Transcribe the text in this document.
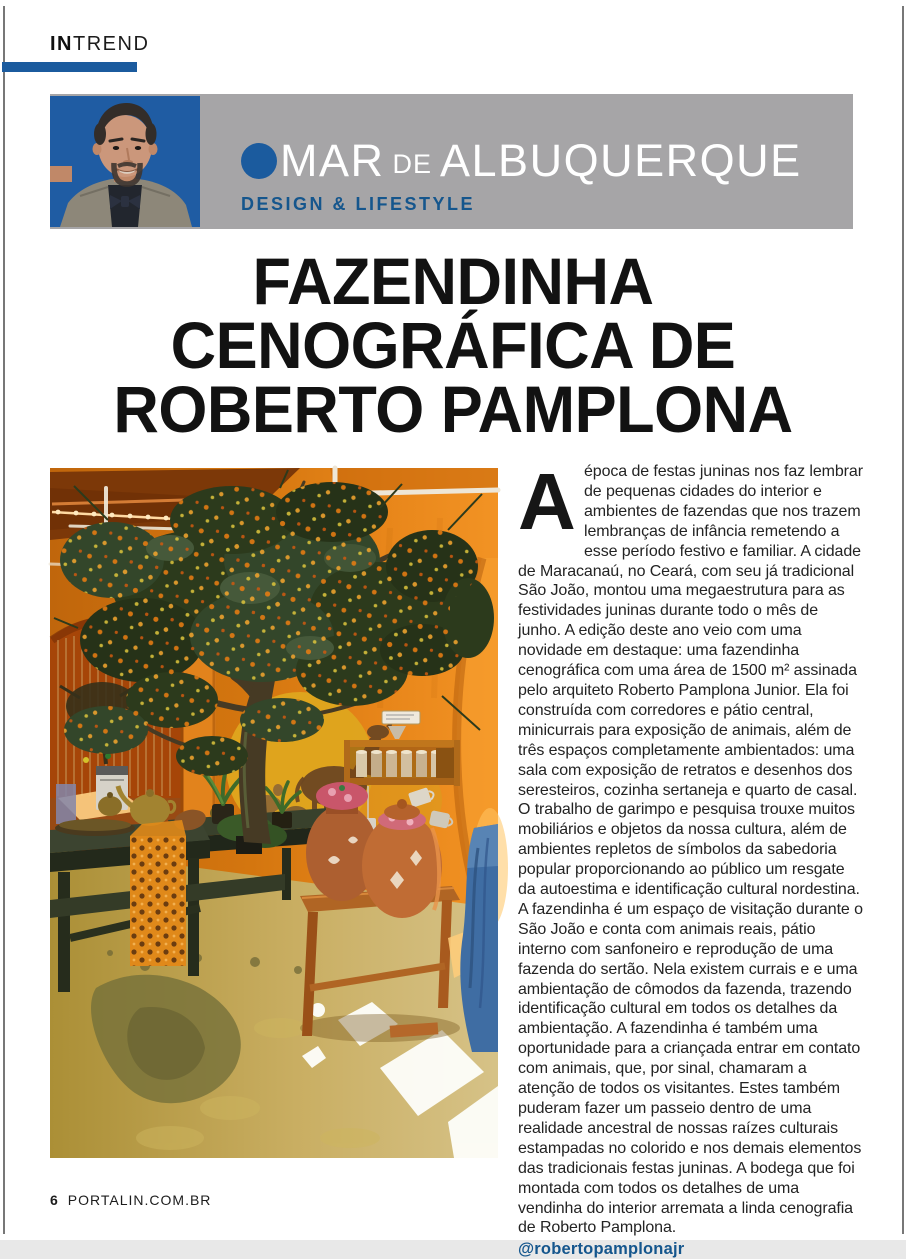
INTREND
MAR DE ALBUQUERQUE
DESIGN & LIFESTYLE
FAZENDINHA
CENOGRÁFICA DE
ROBERTO PAMPLONA
Aépoca de festas juninas nos faz lembrar de pequenas cidades do interior e ambientes de fazendas que nos trazem lembranças de infância remetendo a esse período festivo e familiar. A cidade de Maracanaú, no Ceará, com seu já tradicional São João, montou uma megaestrutura para as festividades juninas durante todo o mês de junho. A edição deste ano veio com uma novidade em destaque: uma fazendinha cenográfica com uma área de 1500 m² assinada pelo arquiteto Roberto Pamplona Junior. Ela foi construída com corredores e pátio central, minicurrais para exposição de animais, além de três espaços completamente ambientados: uma sala com exposição de retratos e desenhos dos seresteiros, cozinha sertaneja e quarto de casal. O trabalho de garimpo e pesquisa trouxe muitos mobiliários e objetos da nossa cultura, além de ambientes repletos de símbolos da sabedoria popular proporcionando ao público um resgate da autoestima e identificação cultural nordestina. A fazendinha é um espaço de visitação durante o São João e conta com animais reais, pátio interno com sanfoneiro e reprodução de uma fazenda do sertão. Nela existem currais e e uma ambientação de cômodos da fazenda, trazendo identificação cultural em todos os detalhes da ambientação. A fazendinha é também uma oportunidade para a criançada entrar em contato com animais, que, por sinal, chamaram a atenção de todos os visitantes. Estes também puderam fazer um passeio dentro de uma realidade ancestral de nossas raízes culturais estampadas no colorido e nos demais elementos das tradicionais festas juninas. A bodega que foi montada com todos os detalhes de uma vendinha do interior arremata a linda cenografia de Roberto Pamplona.
@robertopamplonajr
6 PORTALIN.COM.BR
